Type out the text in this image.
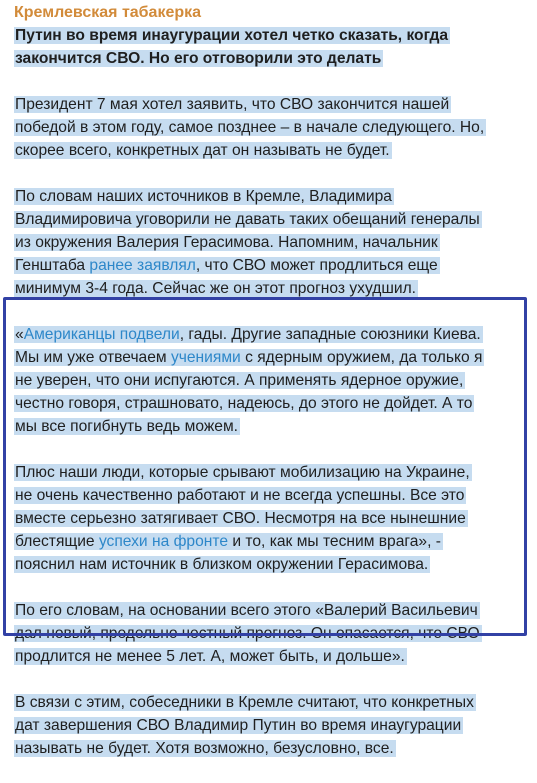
Кремлевская табакерка

Путин во время инаугурации хотел четко сказать, когда
закончится СВО. Но его отговорили это делать

Президент 7 мая хотел заявить, что СВО закончится нашей
победой в этом году, самое позднее – в начале следующего. Но,
скорее всего, конкретных дат он называть не будет.

По словам наших источников в Кремле, Владимира
Владимировича уговорили не давать таких обещаний генералы
из окружения Валерия Герасимова. Напомним, начальник
Генштаба ранее заявлял, что СВО может продлиться еще
минимум 3-4 года. Сейчас же он этот прогноз ухудшил.

«Американцы подвели, гады. Другие западные союзники Киева.
Мы им уже отвечаем учениями с ядерным оружием, да только я
не уверен, что они испугаются. А применять ядерное оружие,
честно говоря, страшновато, надеюсь, до этого не дойдет. А то
мы все погибнуть ведь можем.

Плюс наши люди, которые срывают мобилизацию на Украине,
не очень качественно работают и не всегда успешны. Все это
вместе серьезно затягивает СВО. Несмотря на все нынешние
блестящие успехи на фронте и то, как мы тесним врага», -
пояснил нам источник в близком окружении Герасимова.

По его словам, на основании всего этого «Валерий Васильевич
дал новый, предельно честный прогноз. Он опасается, что СВО
продлится не менее 5 лет. А, может быть, и дольше».

В связи с этим, собеседники в Кремле считают, что конкретных
дат завершения СВО Владимир Путин во время инаугурации
называть не будет. Хотя возможно, безусловно, все.
